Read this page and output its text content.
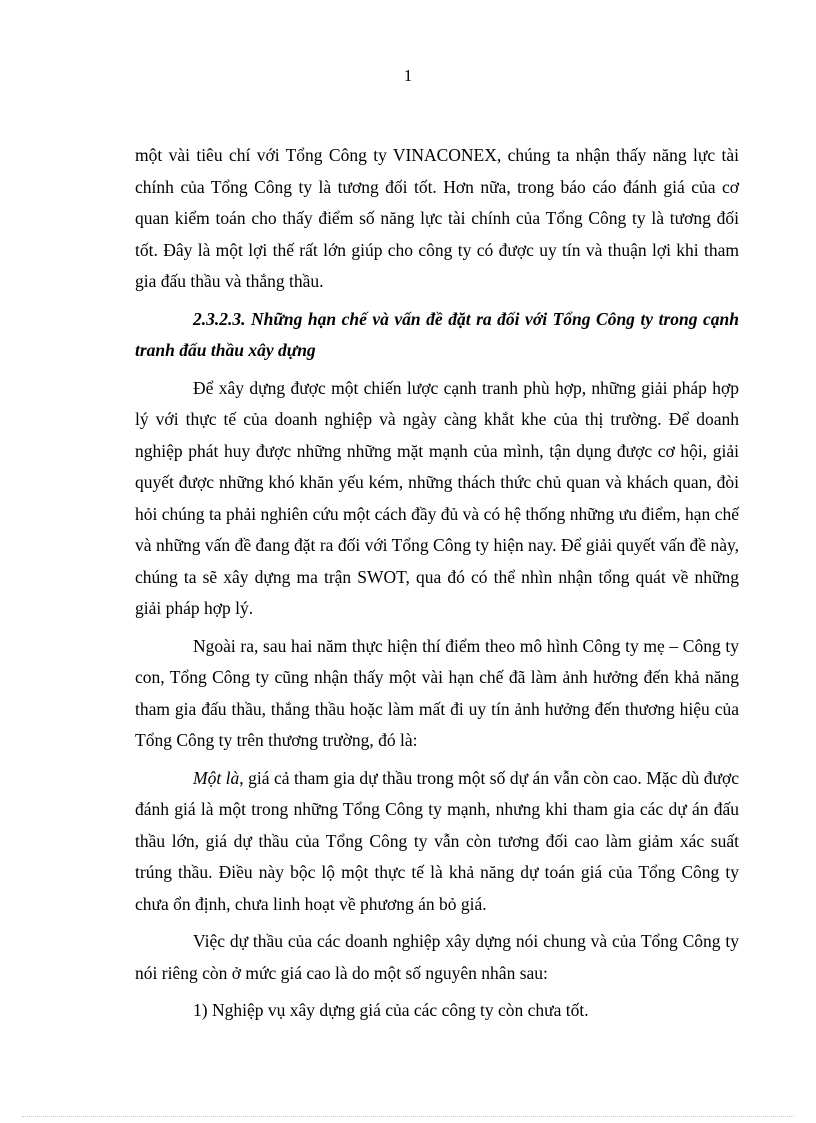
1

một vài tiêu chí với Tổng Công ty VINACONEX, chúng ta nhận thấy năng lực tài chính của Tổng Công ty là tương đối tốt. Hơn nữa, trong báo cáo đánh giá của cơ quan kiểm toán cho thấy điểm số năng lực tài chính của Tổng Công ty là tương đối tốt. Đây là một lợi thế rất lớn giúp cho công ty có được uy tín và thuận lợi khi tham gia đấu thầu và thắng thầu.

2.3.2.3. Những hạn chế và vấn đề đặt ra đối với Tổng Công ty trong cạnh tranh đấu thầu xây dựng

Để xây dựng được một chiến lược cạnh tranh phù hợp, những giải pháp hợp lý với thực tế của doanh nghiệp và ngày càng khắt khe của thị trường. Để doanh nghiệp phát huy được những những mặt mạnh của mình, tận dụng được cơ hội, giải quyết được những khó khăn yếu kém, những thách thức chủ quan và khách quan, đòi hỏi chúng ta phải nghiên cứu một cách đầy đủ và có hệ thống những ưu điểm, hạn chế và những vấn đề đang đặt ra đối với Tổng Công ty hiện nay. Để giải quyết vấn đề này, chúng ta sẽ xây dựng ma trận SWOT, qua đó có thể nhìn nhận tổng quát về những giải pháp hợp lý.

Ngoài ra, sau hai năm thực hiện thí điểm theo mô hình Công ty mẹ – Công ty con, Tổng Công ty cũng nhận thấy một vài hạn chế đã làm ảnh hưởng đến khả năng tham gia đấu thầu, thắng thầu hoặc làm mất đi uy tín ảnh hưởng đến thương hiệu của Tổng Công ty trên thương trường, đó là:

Một là, giá cả tham gia dự thầu trong một số dự án vẫn còn cao. Mặc dù được đánh giá là một trong những Tổng Công ty mạnh, nhưng khi tham gia các dự án đấu thầu lớn, giá dự thầu của Tổng Công ty vẫn còn tương đối cao làm giảm xác suất trúng thầu. Điều này bộc lộ một thực tế là khả năng dự toán giá của Tổng Công ty chưa ổn định, chưa linh hoạt về phương án bỏ giá.

Việc dự thầu của các doanh nghiệp xây dựng nói chung và của Tổng Công ty nói riêng còn ở mức giá cao là do một số nguyên nhân sau:

1) Nghiệp vụ xây dựng giá của các công ty còn chưa tốt.
